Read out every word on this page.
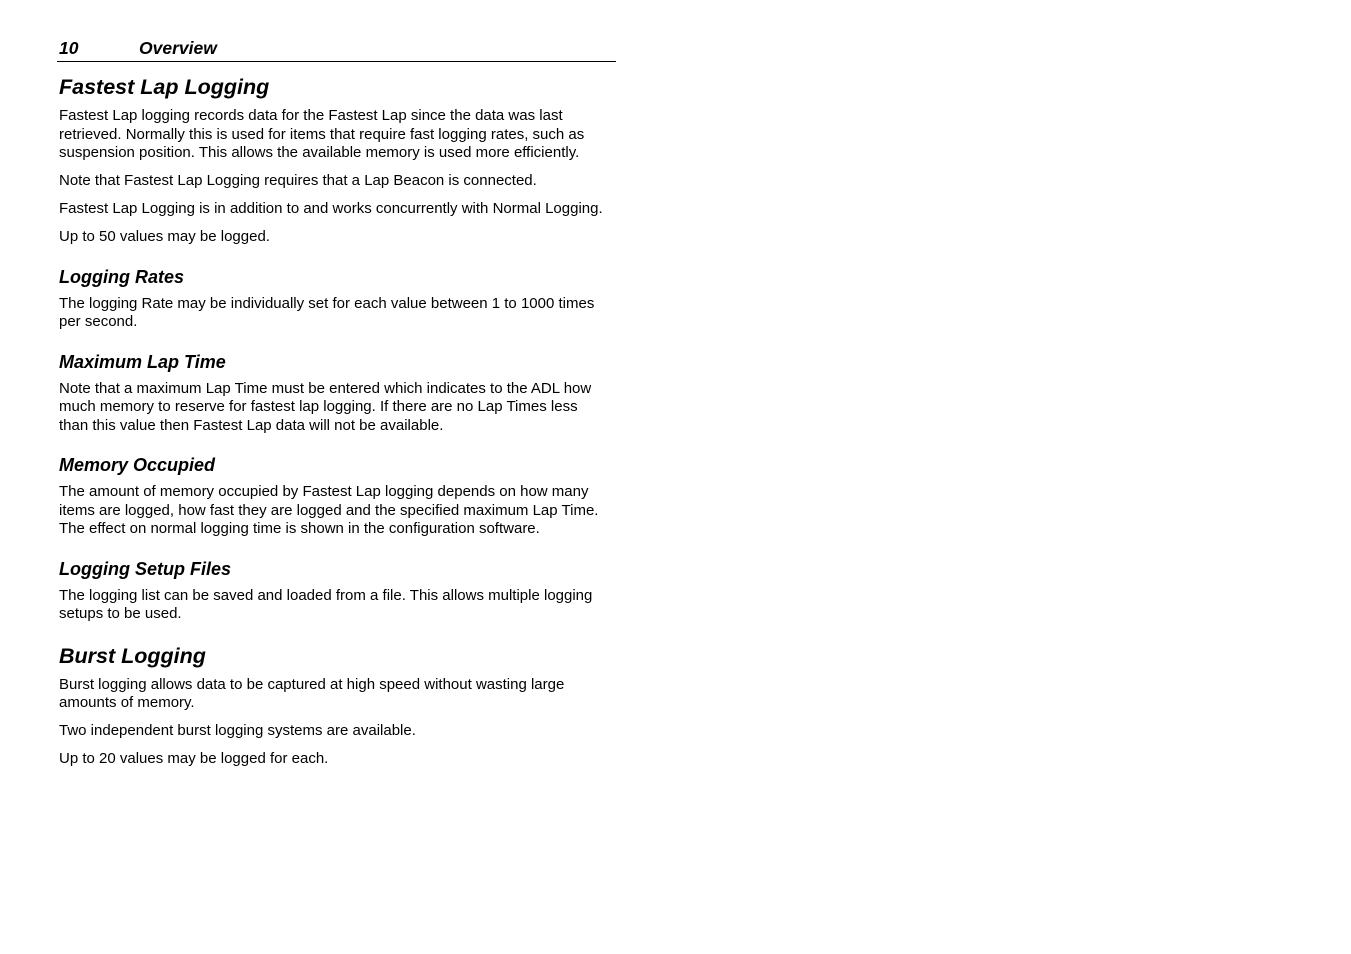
10	Overview
Fastest Lap Logging

Fastest Lap logging records data for the Fastest Lap since the data was last retrieved. Normally this is used for items that require fast logging rates, such as suspension position. This allows the available memory is used more efficiently.

Note that Fastest Lap Logging requires that a Lap Beacon is connected.

Fastest Lap Logging is in addition to and works concurrently with Normal Logging.

Up to 50 values may be logged.

Logging Rates

The logging Rate may be individually set for each value between 1 to 1000 times per second.

Maximum Lap Time

Note that a maximum Lap Time must be entered which indicates to the ADL how much memory to reserve for fastest lap logging. If there are no Lap Times less than this value then Fastest Lap data will not be available.

Memory Occupied

The amount of memory occupied by Fastest Lap logging depends on how many items are logged, how fast they are logged and the specified maximum Lap Time. The effect on normal logging time is shown in the configuration software.

Logging Setup Files

The logging list can be saved and loaded from a file. This allows multiple logging setups to be used.

Burst Logging

Burst logging allows data to be captured at high speed without wasting large amounts of memory.

Two independent burst logging systems are available.

Up to 20 values may be logged for each.
